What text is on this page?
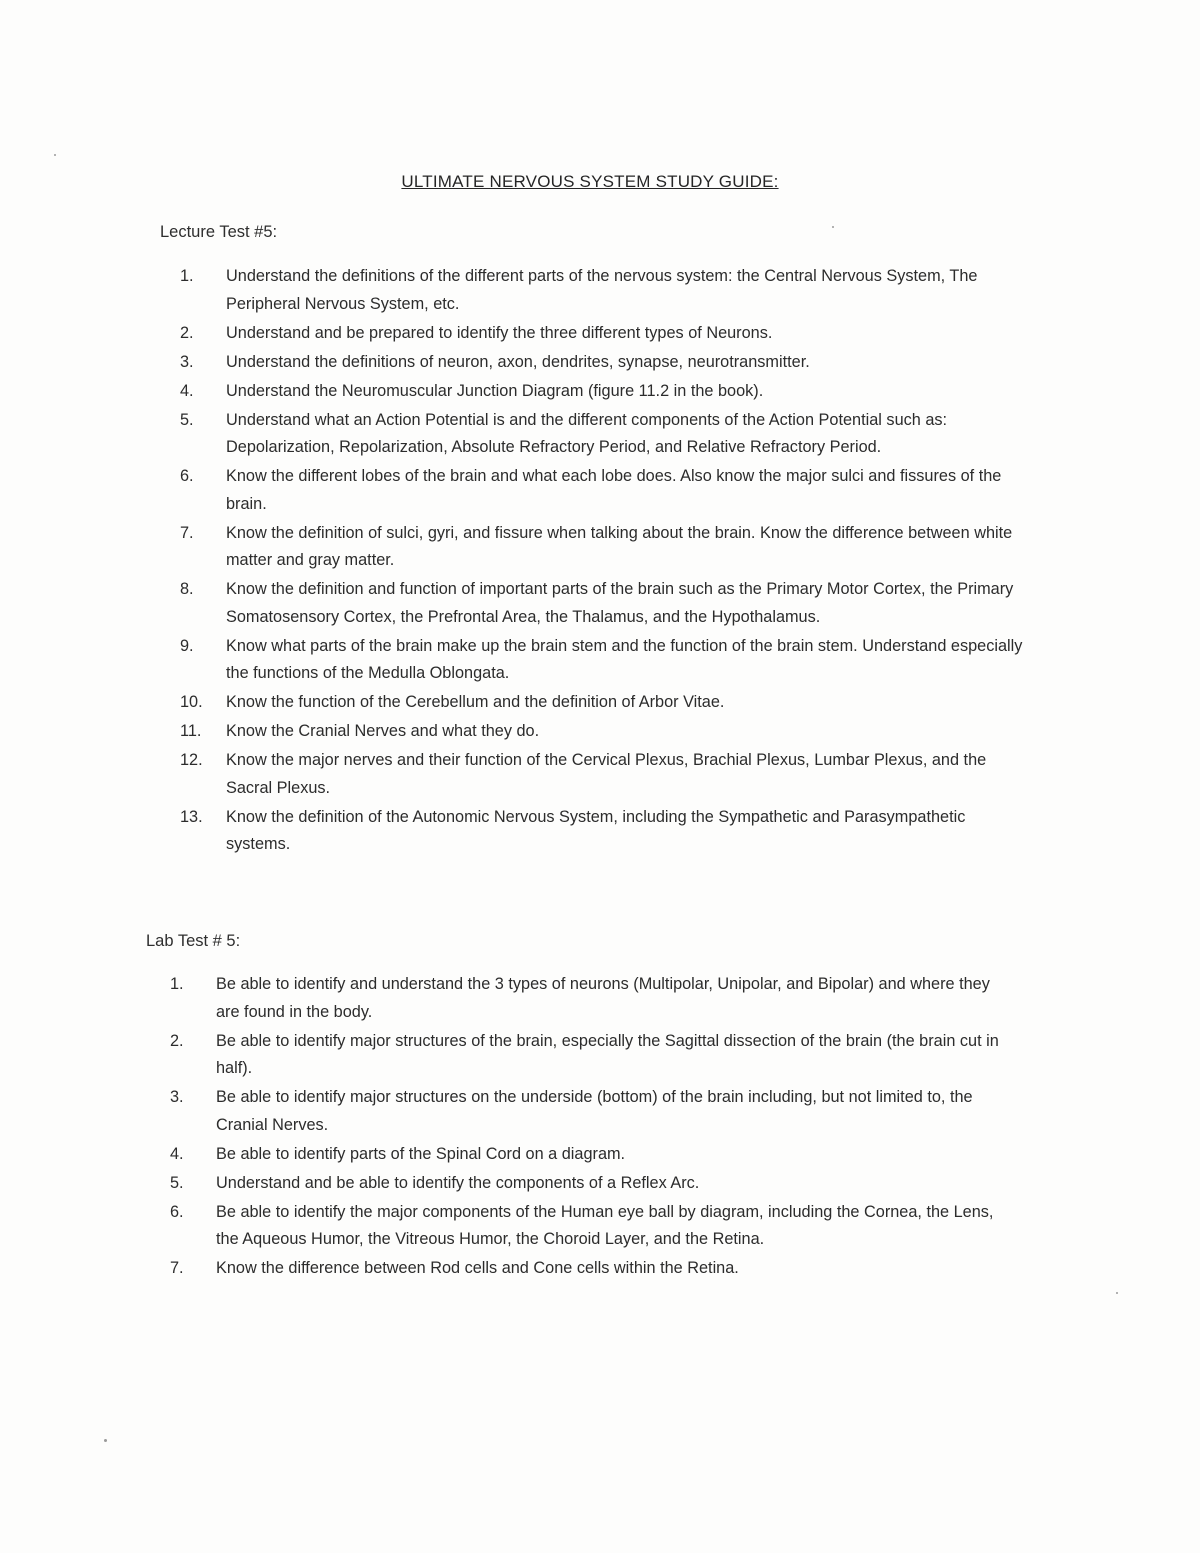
ULTIMATE NERVOUS SYSTEM STUDY GUIDE:
Lecture Test #5:
1.	Understand the definitions of the different parts of the nervous system: the Central Nervous System, The Peripheral Nervous System, etc.
2.	Understand and be prepared to identify the three different types of Neurons.
3.	Understand the definitions of neuron, axon, dendrites, synapse, neurotransmitter.
4.	Understand the Neuromuscular Junction Diagram (figure 11.2 in the book).
5.	Understand what an Action Potential is and the different components of the Action Potential such as: Depolarization, Repolarization, Absolute Refractory Period, and Relative Refractory Period.
6.	Know the different lobes of the brain and what each lobe does. Also know the major sulci and fissures of the brain.
7.	Know the definition of sulci, gyri, and fissure when talking about the brain. Know the difference between white matter and gray matter.
8.	Know the definition and function of important parts of the brain such as the Primary Motor Cortex, the Primary Somatosensory Cortex, the Prefrontal Area, the Thalamus, and the Hypothalamus.
9.	Know what parts of the brain make up the brain stem and the function of the brain stem. Understand especially the functions of the Medulla Oblongata.
10.	Know the function of the Cerebellum and the definition of Arbor Vitae.
11.	Know the Cranial Nerves and what they do.
12.	Know the major nerves and their function of the Cervical Plexus, Brachial Plexus, Lumbar Plexus, and the Sacral Plexus.
13.	Know the definition of the Autonomic Nervous System, including the Sympathetic and Parasympathetic systems.
Lab Test # 5:
1.	Be able to identify and understand the 3 types of neurons (Multipolar, Unipolar, and Bipolar) and where they are found in the body.
2.	Be able to identify major structures of the brain, especially the Sagittal dissection of the brain (the brain cut in half).
3.	Be able to identify major structures on the underside (bottom) of the brain including, but not limited to, the Cranial Nerves.
4.	Be able to identify parts of the Spinal Cord on a diagram.
5.	Understand and be able to identify the components of a Reflex Arc.
6.	Be able to identify the major components of the Human eye ball by diagram, including the Cornea, the Lens, the Aqueous Humor, the Vitreous Humor, the Choroid Layer, and the Retina.
7.	Know the difference between Rod cells and Cone cells within the Retina.
